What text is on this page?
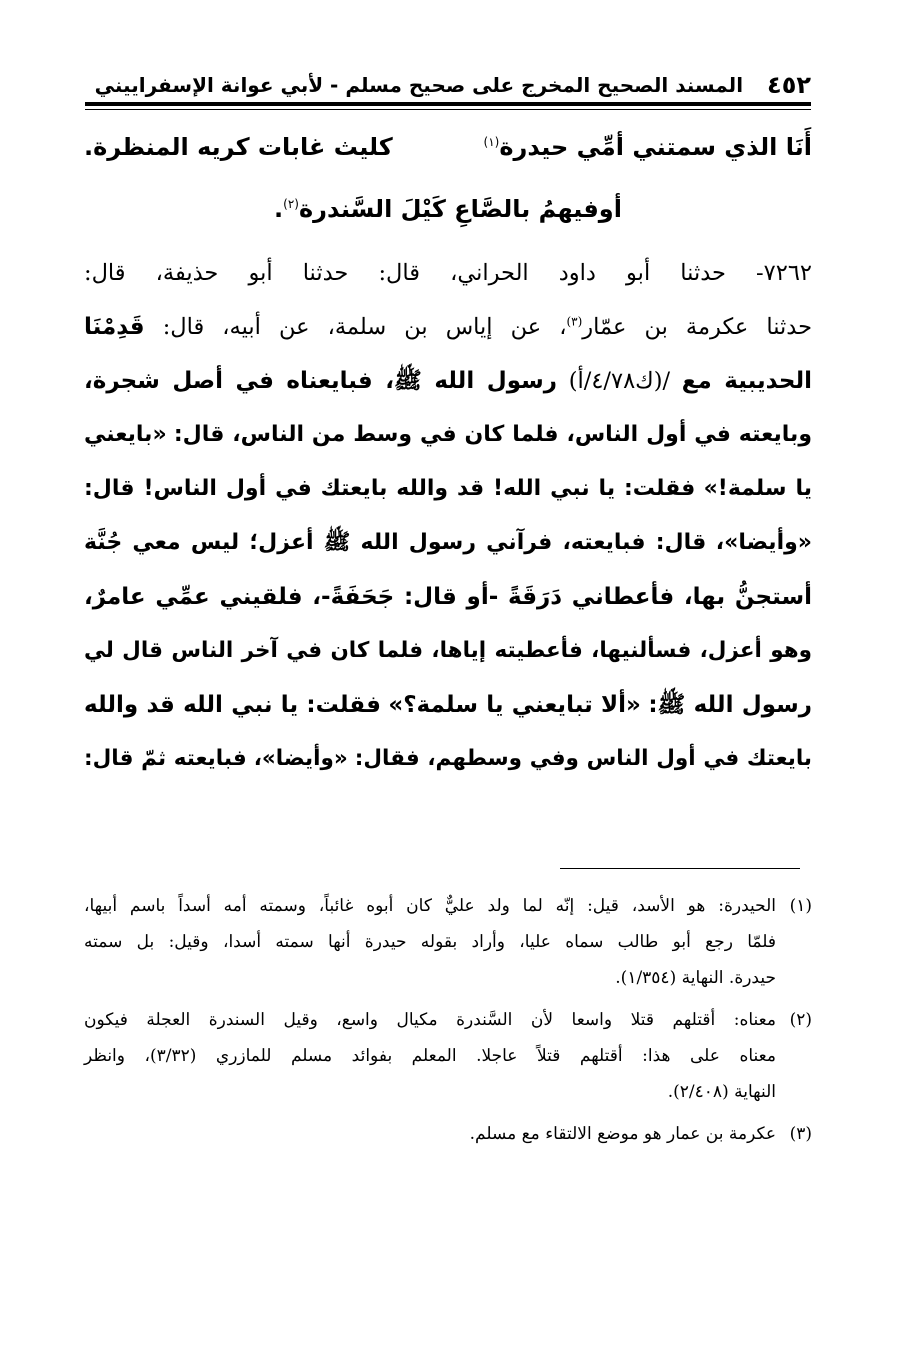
٤٥٢
المسند الصحيح المخرج على صحيح مسلم - لأبي عوانة الإسفراييني
أَنَا الذي سمتني أمِّي حيدرة$^{(١)}$
كليث غابات كريه المنظرة.
أوفيهمُ بالصَّاعِ كَيْلَ السَّندرة$^{(٢)}$.
٧٢٦٢- حدثنا أبو داود الحراني، قال: حدثنا أبو حذيفة، قال:
حدثنا عكرمة بن عمّار$^{(٣)}$، عن إياس بن سلمة، عن أبيه، قال: قَدِمْنَا
الحديبية مع /(ك٤/٧٨/أ) رسول الله ﷺ، فبايعناه في أصل شجرة،
وبايعته في أول الناس، فلما كان في وسط من الناس، قال: «بايعني
يا سلمة!» فقلت: يا نبي الله! قد والله بايعتك في أول الناس! قال:
«وأيضا»، قال: فبايعته، فرآني رسول الله ﷺ أعزل؛ ليس معي جُنَّة
أستجنُّ بها، فأعطاني دَرَقَةً -أو قال: جَحَفَةً-، فلقيني عمِّي عامرٌ،
وهو أعزل، فسألنيها، فأعطيته إياها، فلما كان في آخر الناس قال لي
رسول الله ﷺ: «ألا تبايعني يا سلمة؟» فقلت: يا نبي الله قد والله
بايعتك في أول الناس وفي وسطهم، فقال: «وأيضا»، فبايعته ثمّ قال:
(١)
الحيدرة: هو الأسد، قيل: إنّه لما ولد عليٌّ كان أبوه غائباً، وسمته أمه أسداً باسم أبيها،
فلمّا رجع أبو طالب سماه عليا، وأراد بقوله حيدرة أنها سمته أسدا، وقيل: بل سمته
حيدرة. النهاية (١/٣٥٤).
(٢)
معناه: أقتلهم قتلا واسعا لأن السَّندرة مكيال واسع، وقيل السندرة العجلة فيكون
معناه على هذا: أقتلهم قتلاً عاجلا. المعلم بفوائد مسلم للمازري (٣/٣٢)، وانظر
النهاية (٢/٤٠٨).
(٣)
عكرمة بن عمار هو موضع الالتقاء مع مسلم.
